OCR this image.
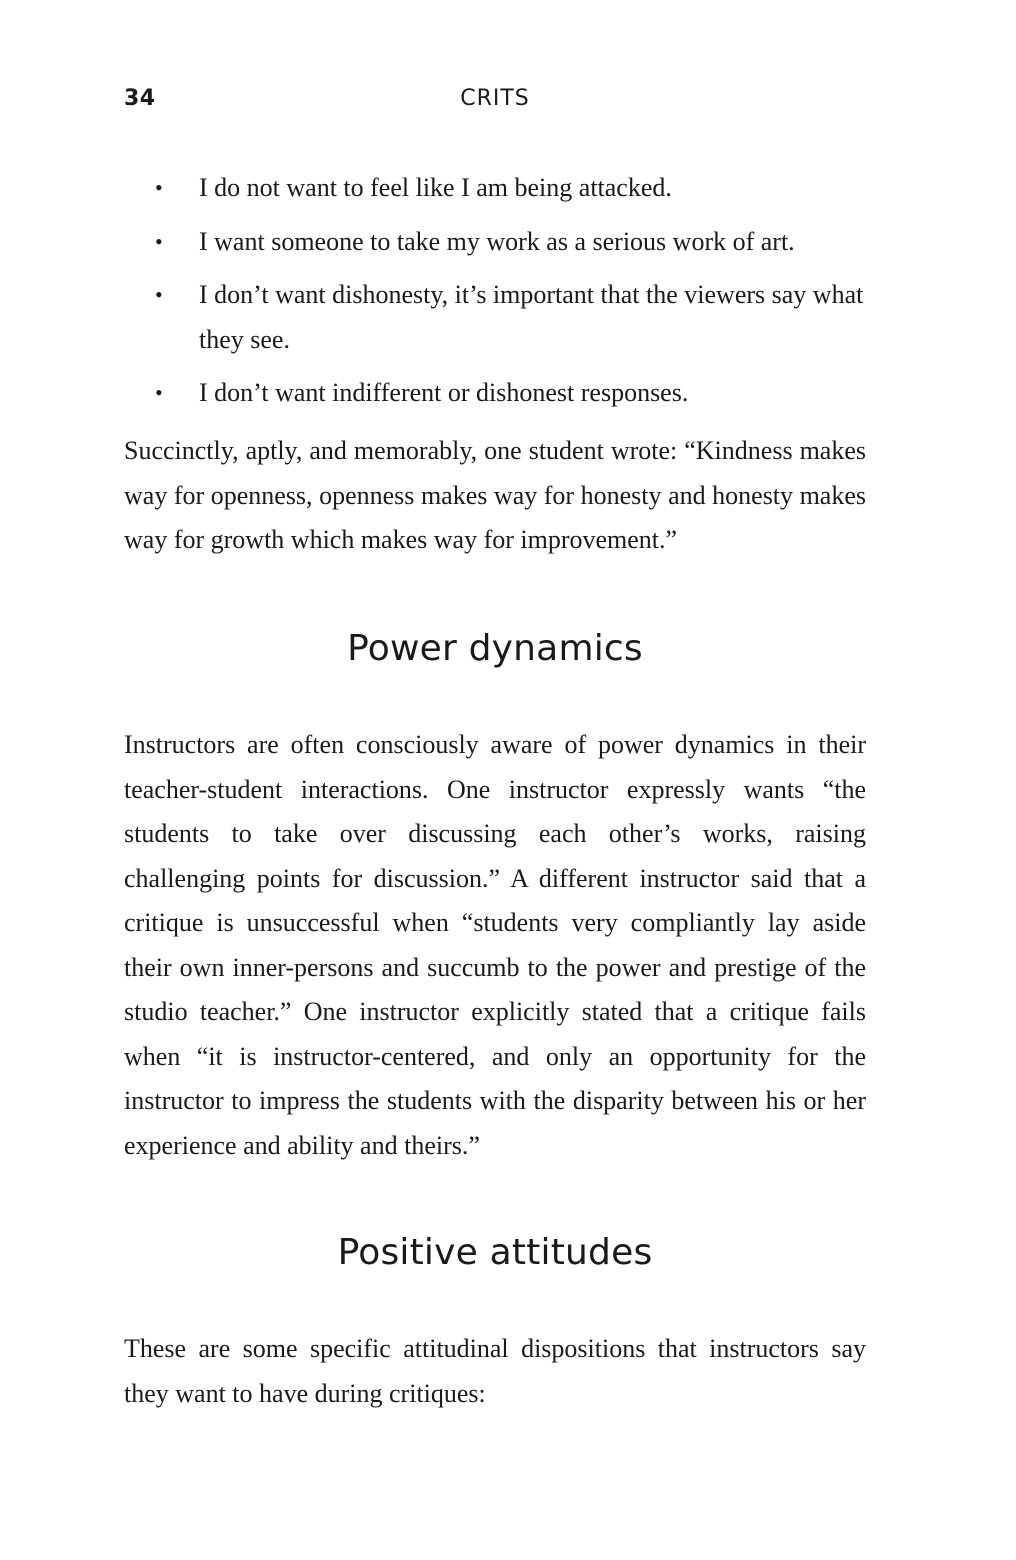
34	CRITS
• I do not want to feel like I am being attacked.
• I want someone to take my work as a serious work of art.
• I don’t want dishonesty, it’s important that the viewers say what they see.
• I don’t want indifferent or dishonest responses.

Succinctly, aptly, and memorably, one student wrote: “Kindness makes way for openness, openness makes way for honesty and honesty makes way for growth which makes way for improvement.”

Power dynamics

Instructors are often consciously aware of power dynamics in their teacher-student interactions. One instructor expressly wants “the students to take over discussing each other’s works, raising challenging points for discussion.” A different instructor said that a critique is unsuccessful when “students very compliantly lay aside their own inner-persons and succumb to the power and prestige of the studio teacher.” One instructor explicitly stated that a critique fails when “it is instructor-centered, and only an opportunity for the instructor to impress the students with the disparity between his or her experience and ability and theirs.”

Positive attitudes

These are some specific attitudinal dispositions that instructors say they want to have during critiques:
